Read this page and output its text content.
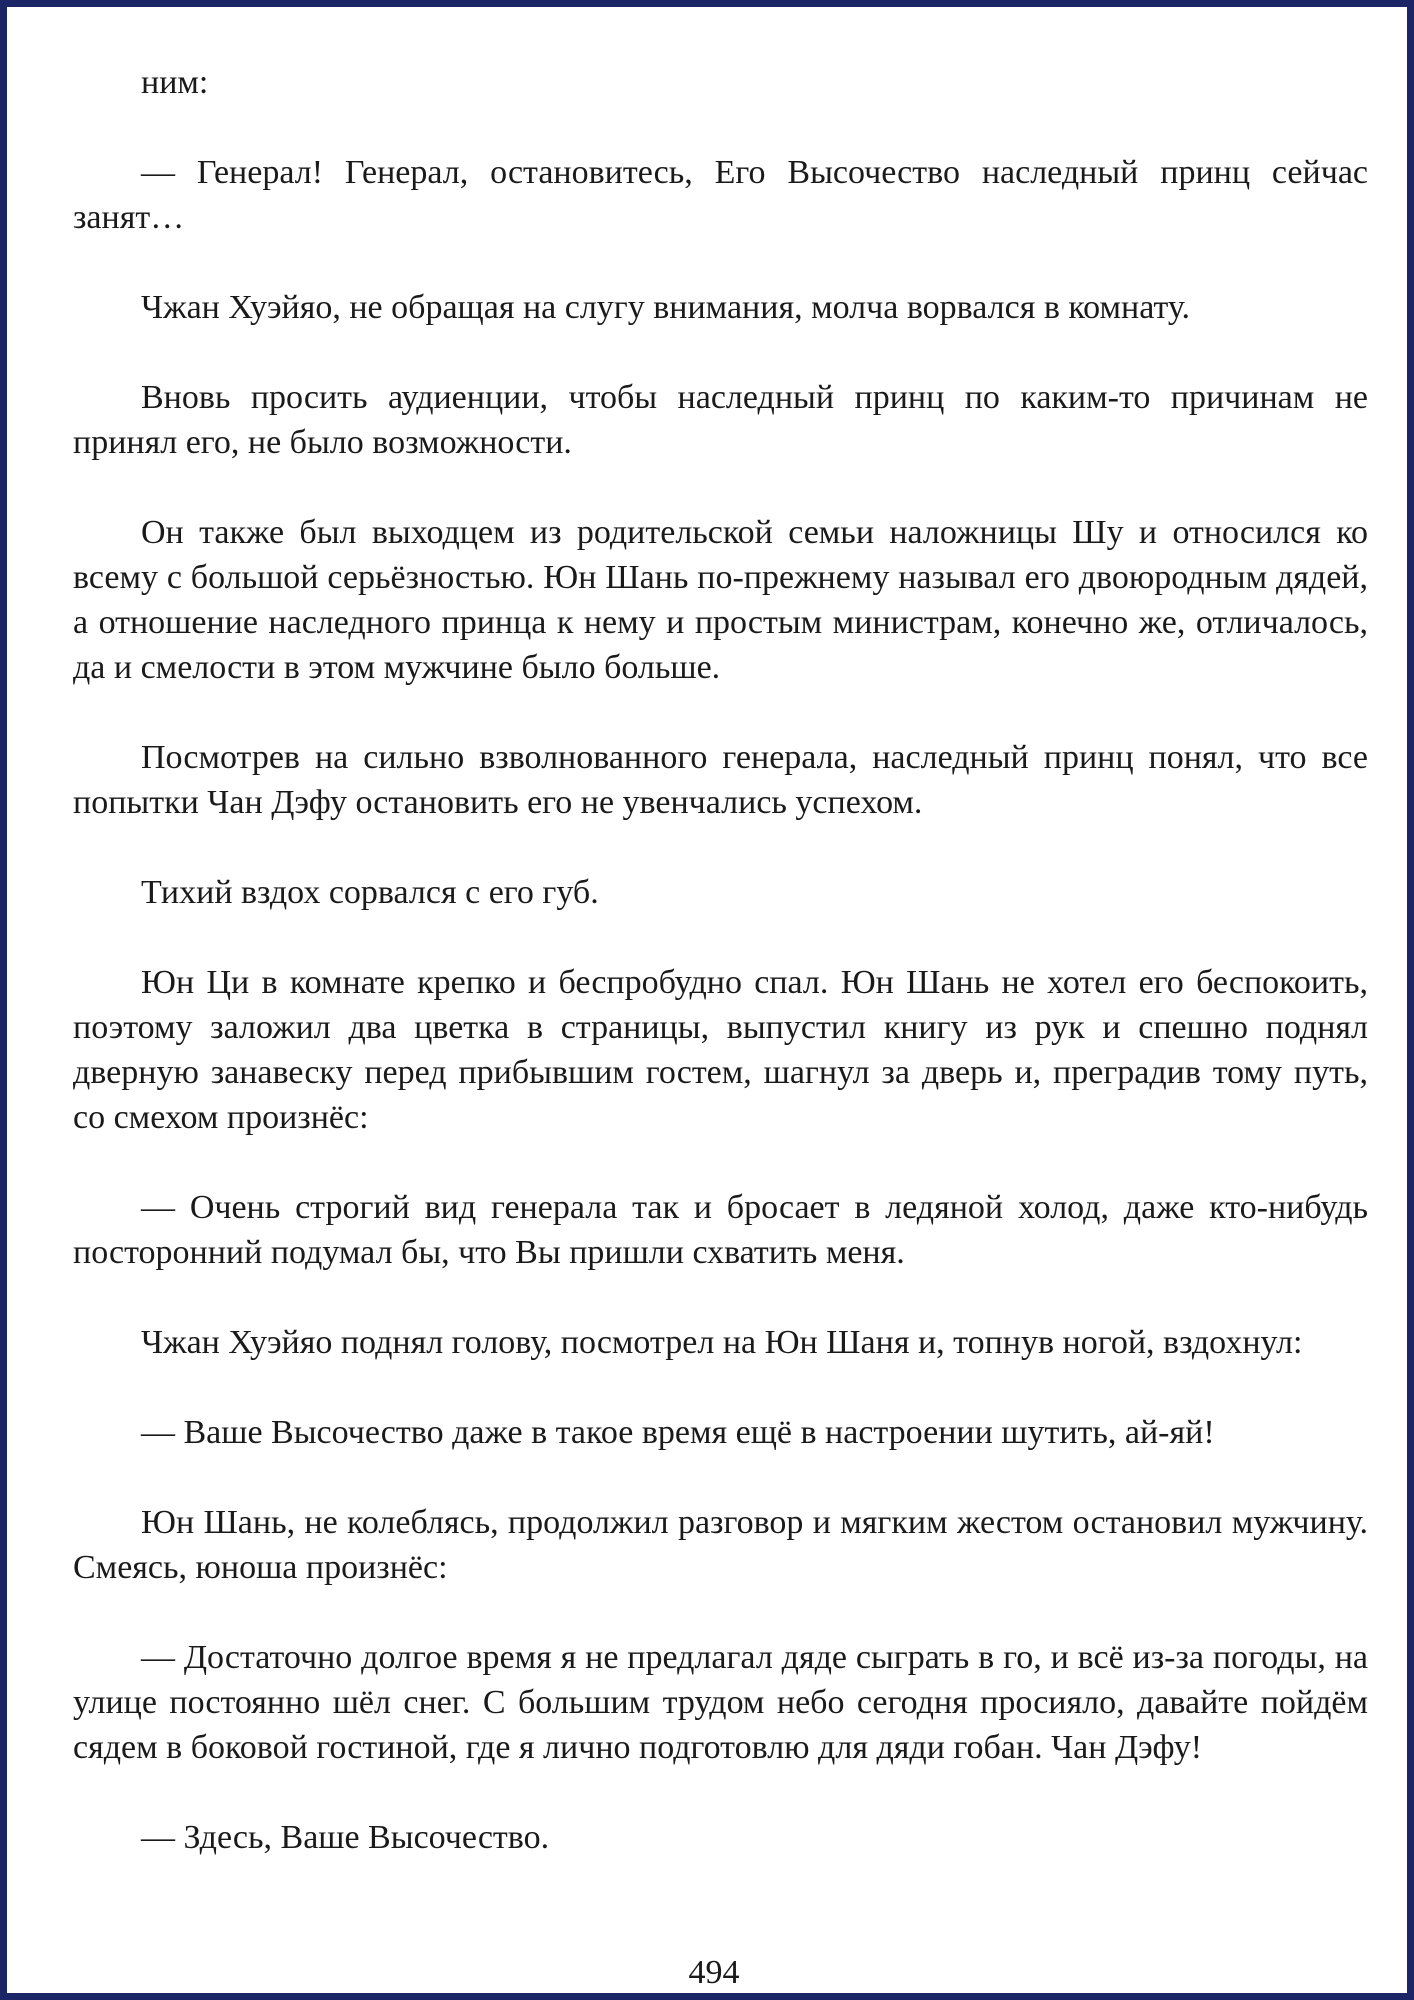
ним:

— Генерал! Генерал, остановитесь, Его Высочество наследный принц сейчас занят…

Чжан Хуэйяо, не обращая на слугу внимания, молча ворвался в комнату.

Вновь просить аудиенции, чтобы наследный принц по каким-то причинам не принял его, не было возможности.

Он также был выходцем из родительской семьи наложницы Шу и относился ко всему с большой серьёзностью. Юн Шань по-прежнему называл его двоюродным дядей, а отношение наследного принца к нему и простым министрам, конечно же, отличалось, да и смелости в этом мужчине было больше.

Посмотрев на сильно взволнованного генерала, наследный принц понял, что все попытки Чан Дэфу остановить его не увенчались успехом.

Тихий вздох сорвался с его губ.

Юн Ци в комнате крепко и беспробудно спал. Юн Шань не хотел его беспокоить, поэтому заложил два цветка в страницы, выпустил книгу из рук и спешно поднял дверную занавеску перед прибывшим гостем, шагнул за дверь и, преградив тому путь, со смехом произнёс:

— Очень строгий вид генерала так и бросает в ледяной холод, даже кто-нибудь посторонний подумал бы, что Вы пришли схватить меня.

Чжан Хуэйяо поднял голову, посмотрел на Юн Шаня и, топнув ногой, вздохнул:

— Ваше Высочество даже в такое время ещё в настроении шутить, ай-яй!

Юн Шань, не колеблясь, продолжил разговор и мягким жестом остановил мужчину. Смеясь, юноша произнёс:

— Достаточно долгое время я не предлагал дяде сыграть в го, и всё из-за погоды, на улице постоянно шёл снег. С большим трудом небо сегодня просияло, давайте пойдём сядем в боковой гостиной, где я лично подготовлю для дяди гобан. Чан Дэфу!

— Здесь, Ваше Высочество.

494
